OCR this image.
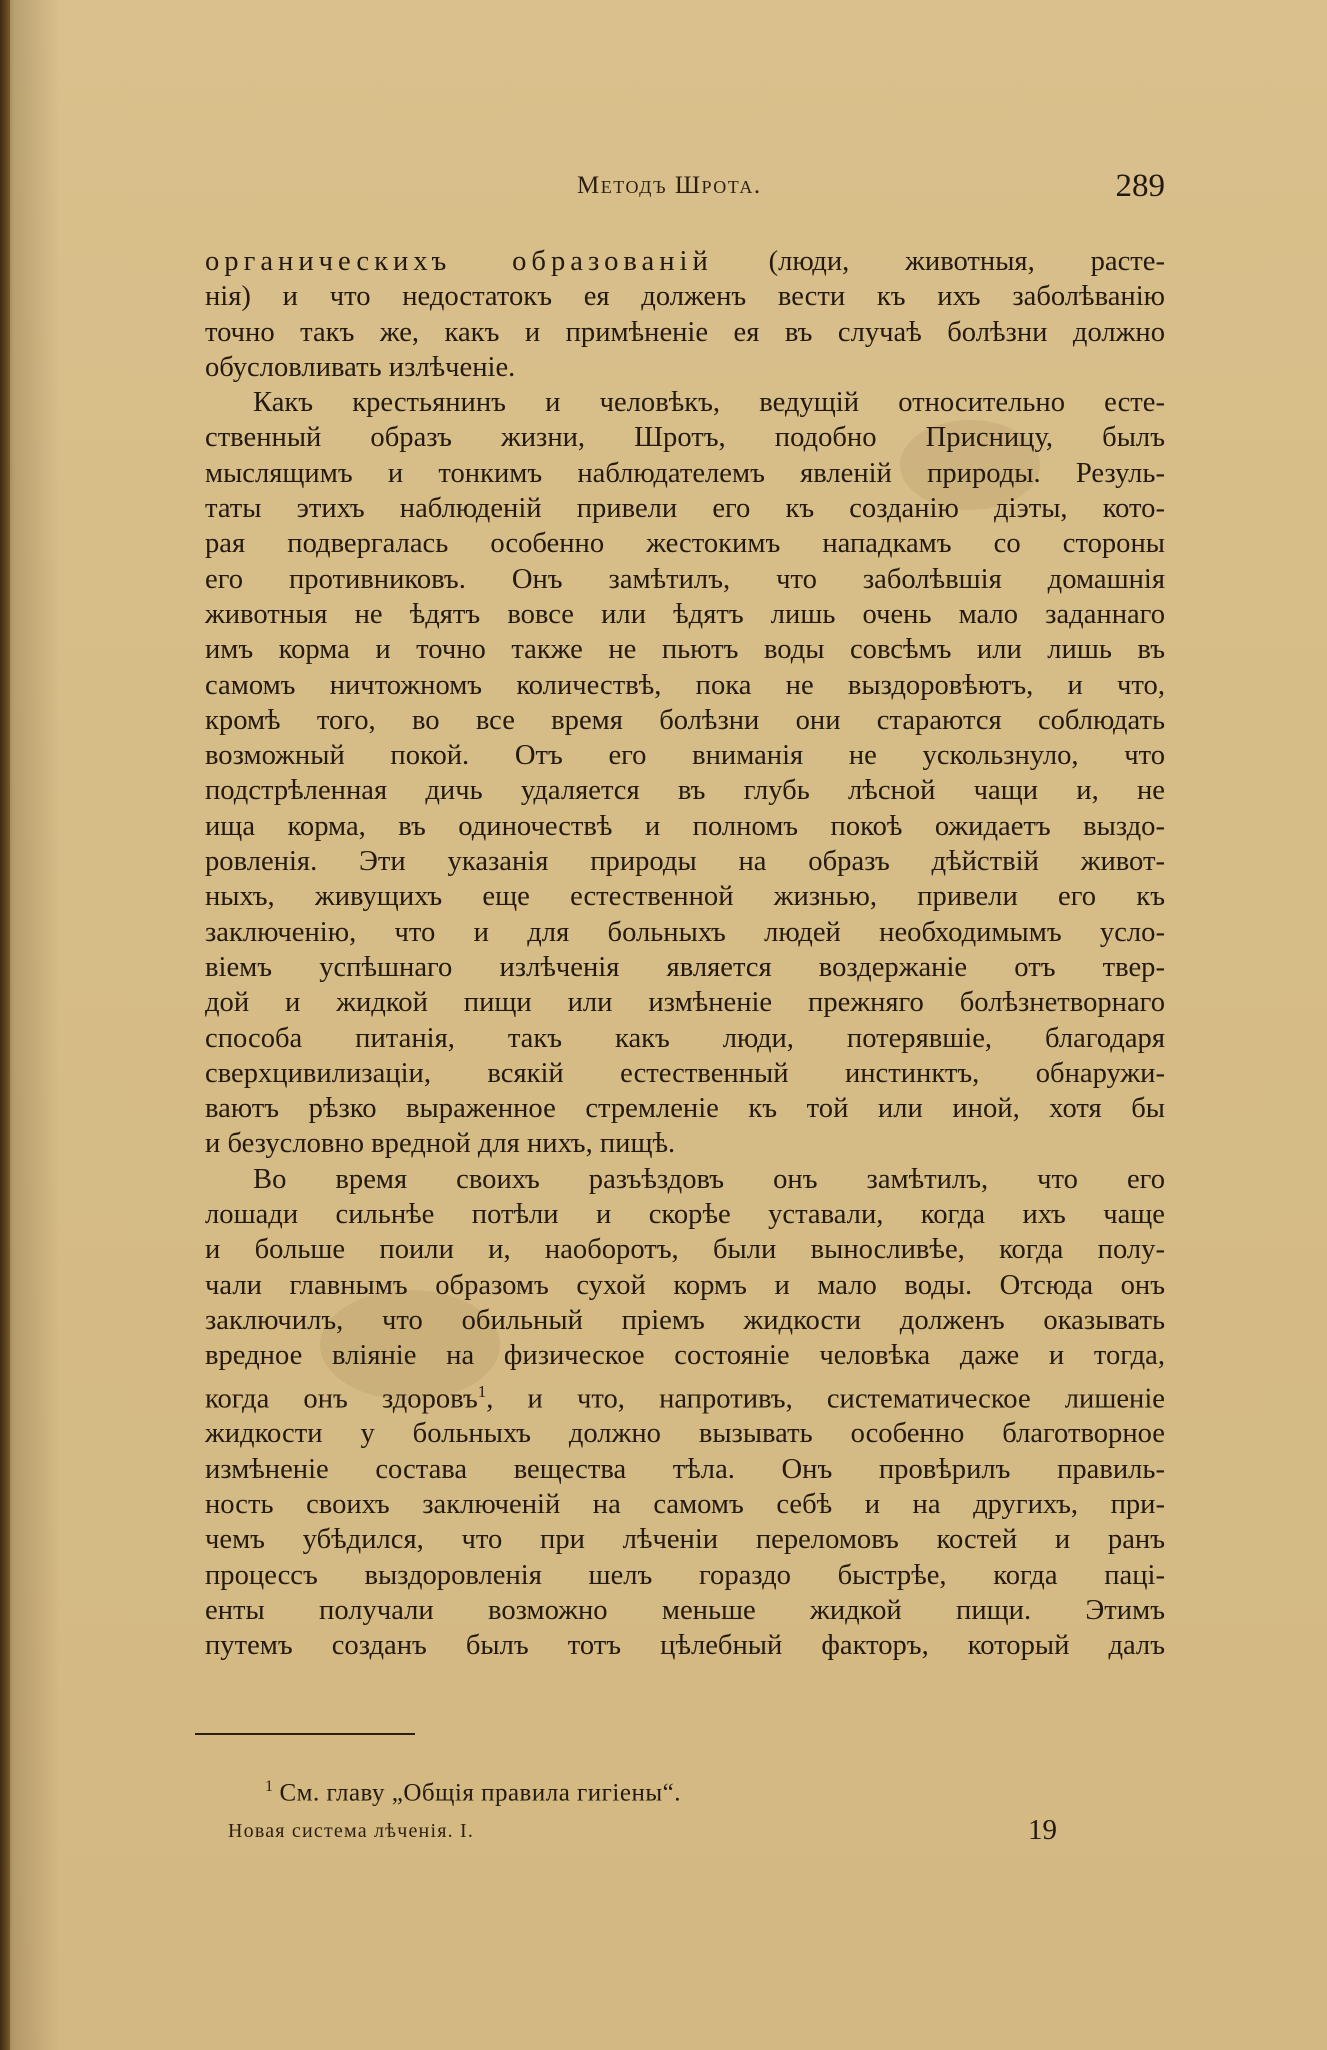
Методъ Шрота.	289
органическихъ образованій (люди, животныя, расте-
нія) и что недостатокъ ея долженъ вести къ ихъ заболѣванію
точно такъ же, какъ и примѣненіе ея въ случаѣ болѣзни должно
обусловливать излѣченіе.
Какъ крестьянинъ и человѣкъ, ведущій относительно есте-
ственный образъ жизни, Шротъ, подобно Присницу, былъ
мыслящимъ и тонкимъ наблюдателемъ явленій природы. Резуль-
таты этихъ наблюденій привели его къ созданію діэты, кото-
рая подвергалась особенно жестокимъ нападкамъ со стороны
его противниковъ. Онъ замѣтилъ, что заболѣвшія домашнія
животныя не ѣдятъ вовсе или ѣдятъ лишь очень мало заданнаго
имъ корма и точно также не пьютъ воды совсѣмъ или лишь въ
самомъ ничтожномъ количествѣ, пока не выздоровѣютъ, и что,
кромѣ того, во все время болѣзни они стараются соблюдать
возможный покой. Отъ его вниманія не ускользнуло, что
подстрѣленная дичь удаляется въ глубь лѣсной чащи и, не
ища корма, въ одиночествѣ и полномъ покоѣ ожидаетъ выздо-
ровленія. Эти указанія природы на образъ дѣйствій живот-
ныхъ, живущихъ еще естественной жизнью, привели его къ
заключенію, что и для больныхъ людей необходимымъ усло-
віемъ успѣшнаго излѣченія является воздержаніе отъ твер-
дой и жидкой пищи или измѣненіе прежняго болѣзнетворнаго
способа питанія, такъ какъ люди, потерявшіе, благодаря
сверхцивилизаціи, всякій естественный инстинктъ, обнаружи-
ваютъ рѣзко выраженное стремленіе къ той или иной, хотя бы
и безусловно вредной для нихъ, пищѣ.
Во время своихъ разъѣздовъ онъ замѣтилъ, что его
лошади сильнѣе потѣли и скорѣе уставали, когда ихъ чаще
и больше поили и, наоборотъ, были выносливѣе, когда полу-
чали главнымъ образомъ сухой кормъ и мало воды. Отсюда онъ
заключилъ, что обильный пріемъ жидкости долженъ оказывать
вредное вліяніе на физическое состояніе человѣка даже и тогда,
когда онъ здоровъ$^1$, и что, напротивъ, систематическое лишеніе
жидкости у больныхъ должно вызывать особенно благотворное
измѣненіе состава вещества тѣла. Онъ провѣрилъ правиль-
ность своихъ заключеній на самомъ себѣ и на другихъ, при-
чемъ убѣдился, что при лѣченіи переломовъ костей и ранъ
процессъ выздоровленія шелъ гораздо быстрѣе, когда паці-
енты получали возможно меньше жидкой пищи. Этимъ
путемъ созданъ былъ тотъ цѣлебный факторъ, который далъ
$^1$ См. главу „Общія правила гигіены“.
Новая система лѣченія. I.	19
